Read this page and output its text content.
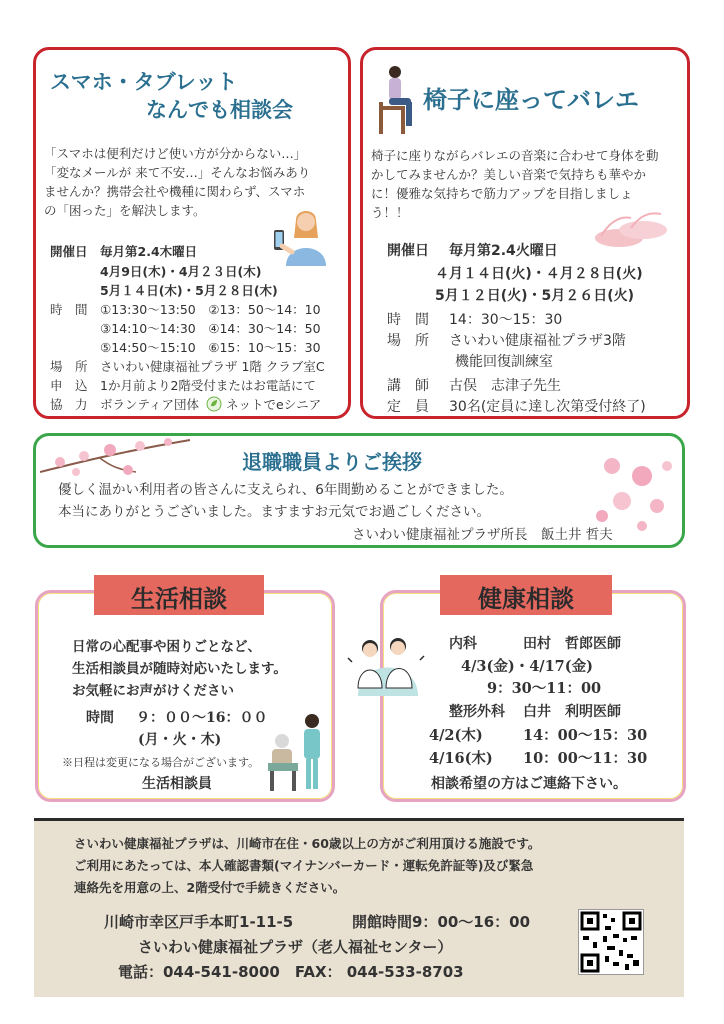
スマホ・タブレット
なんでも相談会
「スマホは便利だけど使い方が分からない…」
「変なメールが 来て不安…」そんなお悩みあり
ませんか？携帯会社や機種に関わらず、スマホ
の「困った」を解決します。
開催日 毎月第2.4木曜日
4月9日(木)・4月２３日(木)
5月１４日(木)・5月２８日(木)
時　間 ①13:30～13:50　②13：50～14：10
③14:10～14:30　④14：30～14：50
⑤14:50～15:10　⑥15：10～15：30
場　所 さいわい健康福祉プラザ 1階 クラブ室C
申　込 1か月前より2階受付またはお電話にて
協　力 ボランティア団体 ネットでeシニア
椅子に座ってバレエ
椅子に座りながらバレエの音楽に合わせて身体を動
かしてみませんか？美しい音楽で気持ちも華やか
に！優雅な気持ちで筋力アップを目指しましょ
う！！
開催日 毎月第2.4火曜日
４月１４日(火)・４月２８日(火)
5月１２日(火)・5月２６日(火)
時　間 14：30～15：30
場　所 さいわい健康福祉プラザ3階
機能回復訓練室
講　師 古俣　志津子先生
定　員 30名(定員に達し次第受付終了)
退職職員よりご挨拶
優しく温かい利用者の皆さんに支えられ、6年間勤めることができました。
本当にありがとうございました。ますますお元気でお過ごしください。
さいわい健康福祉プラザ所長　飯土井 哲夫
日常の心配事や困りごとなど、
生活相談員が随時対応いたします。
お気軽にお声がけください
時間 ９：００～16：００
(月・火・木)
※日程は変更になる場合がございます。
生活相談員
生活相談
内科	田村　哲郎医師
4/3(金)・4/17(金)
9：30～11：00
整形外科 白井　利明医師
4/2(木)	14：00～15：30
4/16(木) 10：00～11：30
相談希望の方はご連絡下さい。
健康相談
さいわい健康福祉プラザは、川崎市在住・60歳以上の方がご利用頂ける施設です。
ご利用にあたっては、本人確認書類(マイナンバーカード・運転免許証等)及び緊急
連絡先を用意の上、2階受付で手続きください。
川崎市幸区戸手本町1-11-5	開館時間9：00～16：00
さいわい健康福祉プラザ（老人福祉センター）
電話：044-541-8000　FAX： 044-533-8703
